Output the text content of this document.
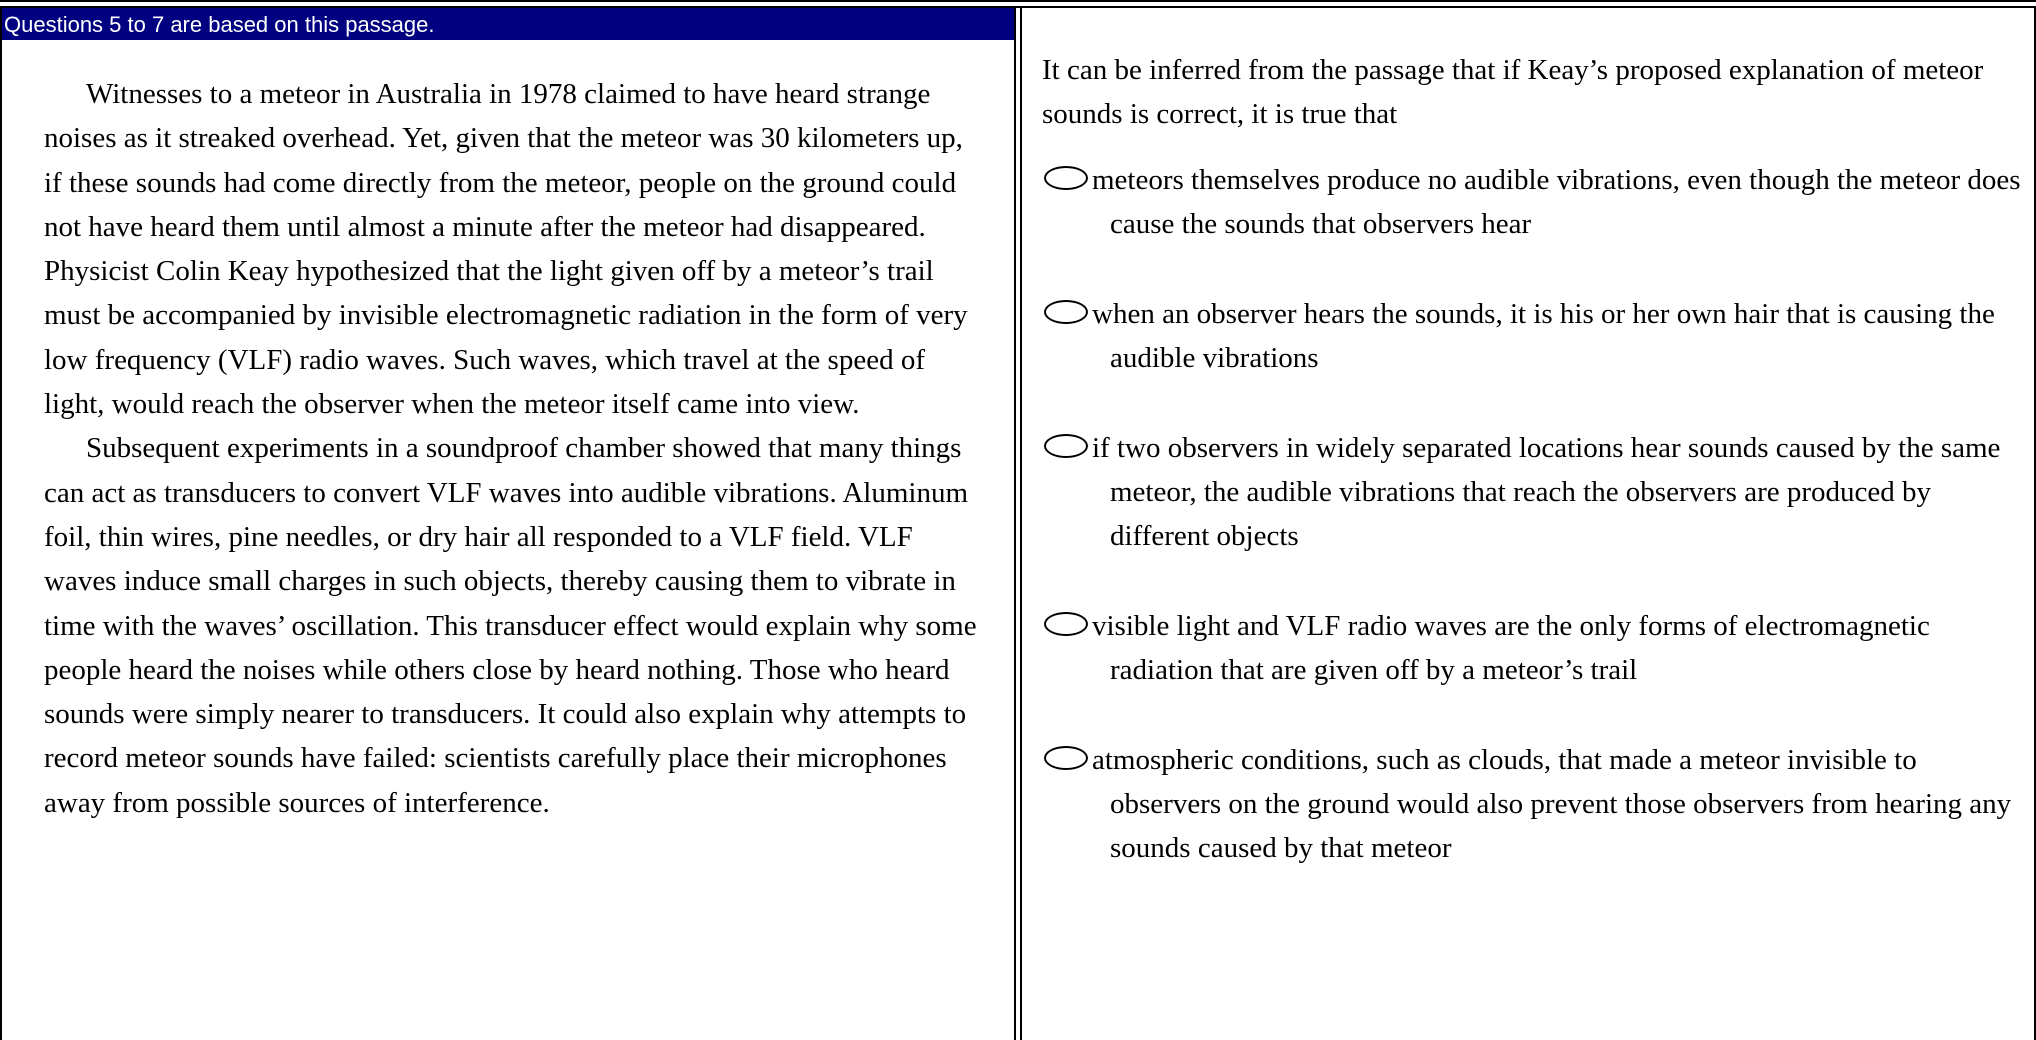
Questions 5 to 7 are based on this passage.

Witnesses to a meteor in Australia in 1978 claimed to have heard strange noises as it streaked overhead. Yet, given that the meteor was 30 kilometers up, if these sounds had come directly from the meteor, people on the ground could not have heard them until almost a minute after the meteor had disappeared. Physicist Colin Keay hypothesized that the light given off by a meteor’s trail must be accompanied by invisible electromagnetic radiation in the form of very low frequency (VLF) radio waves. Such waves, which travel at the speed of light, would reach the observer when the meteor itself came into view.

Subsequent experiments in a soundproof chamber showed that many things can act as transducers to convert VLF waves into audible vibrations. Aluminum foil, thin wires, pine needles, or dry hair all responded to a VLF field. VLF waves induce small charges in such objects, thereby causing them to vibrate in time with the waves’ oscillation. This transducer effect would explain why some people heard the noises while others close by heard nothing. Those who heard sounds were simply nearer to transducers. It could also explain why attempts to record meteor sounds have failed: scientists carefully place their microphones away from possible sources of interference.

It can be inferred from the passage that if Keay’s proposed explanation of meteor sounds is correct, it is true that
meteors themselves produce no audible vibrations, even though the meteor does cause the sounds that observers hear
when an observer hears the sounds, it is his or her own hair that is causing the audible vibrations
if two observers in widely separated locations hear sounds caused by the same meteor, the audible vibrations that reach the observers are produced by different objects
visible light and VLF radio waves are the only forms of electromagnetic radiation that are given off by a meteor’s trail
atmospheric conditions, such as clouds, that made a meteor invisible to observers on the ground would also prevent those observers from hearing any sounds caused by that meteor
